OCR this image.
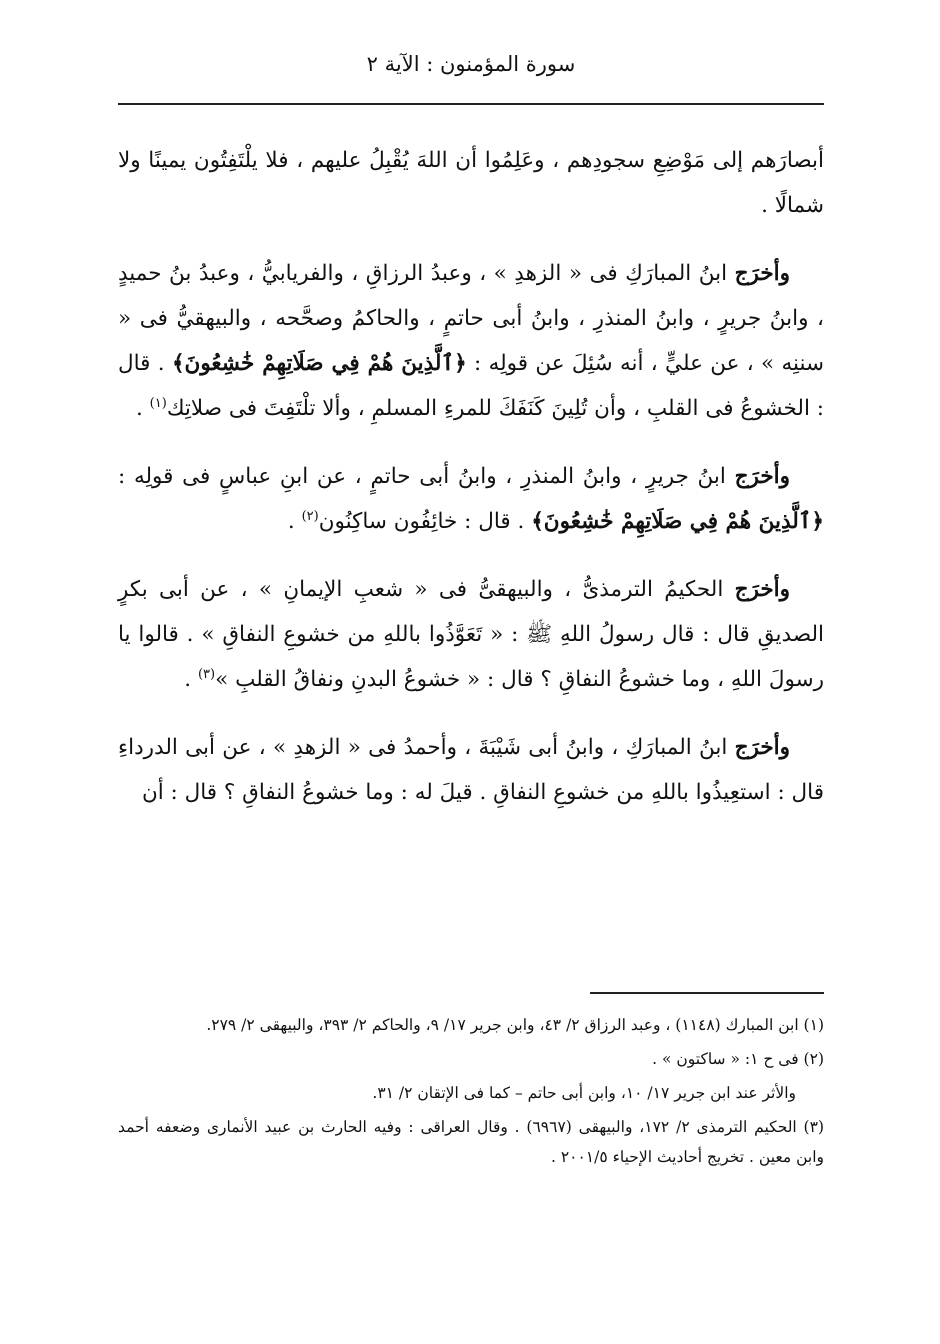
سورة المؤمنون : الآية ٢

أبصارَهم إلى مَوْضِعِ سجودِهم ، وعَلِمُوا أن اللهَ يُقْبِلُ عليهم ، فلا يلْتَفِتُون يمينًا ولا شمالًا .

وأخرَج ابنُ المبارَكِ فى « الزهدِ » ، وعبدُ الرزاقِ ، والفريابيُّ ، وعبدُ بنُ حميدٍ ، وابنُ جريرٍ ، وابنُ المنذرِ ، وابنُ أبى حاتمٍ ، والحاكمُ وصحَّحه ، والبيهقيُّ فى « سننِه » ، عن عليٍّ ، أنه سُئِلَ عن قولِه : ﴿ٱلَّذِينَ هُمْ فِي صَلَاتِهِمْ خَٰشِعُونَ﴾ . قال : الخشوعُ فى القلبِ ، وأن تُلِينَ كَنَفَكَ للمرءِ المسلمِ ، وألا تلْتَفِتَ فى صلاتِك$^{(١)}$ .

وأخرَج ابنُ جريرٍ ، وابنُ المنذرِ ، وابنُ أبى حاتمٍ ، عن ابنِ عباسٍ فى قولِه : ﴿ٱلَّذِينَ هُمْ فِي صَلَاتِهِمْ خَٰشِعُونَ﴾ . قال : خائِفُون ساكِنُون$^{(٢)}$ .

وأخرَج الحكيمُ الترمذىُّ ، والبيهقىُّ فى « شعبِ الإيمانِ » ، عن أبى بكرٍ الصديقِ قال : قال رسولُ اللهِ ﷺ : « تَعَوَّذُوا باللهِ من خشوعِ النفاقِ » . قالوا يا رسولَ اللهِ ، وما خشوعُ النفاقِ ؟ قال : « خشوعُ البدنِ ونفاقُ القلبِ »$^{(٣)}$ .

وأخرَج ابنُ المبارَكِ ، وابنُ أبى شَيْبَةَ ، وأحمدُ فى « الزهدِ » ، عن أبى الدرداءِ قال : استعِيذُوا باللهِ من خشوعِ النفاقِ . قيلَ له : وما خشوعُ النفاقِ ؟ قال : أن

(١) ابن المبارك (١١٤٨) ، وعبد الرزاق ٢/ ٤٣، وابن جرير ١٧/ ٩، والحاكم ٢/ ٣٩٣، والبيهقى ٢/ ٢٧٩.

(٢) فى ح ١: « ساكتون » .

والأثر عند ابن جرير ١٧/ ١٠، وابن أبى حاتم – كما فى الإتقان ٢/ ٣١.

(٣) الحكيم الترمذى ٢/ ١٧٢، والبيهقى (٦٩٦٧) . وقال العراقى : وفيه الحارث بن عبيد الأنمارى وضعفه أحمد وابن معين . تخريج أحاديث الإحياء ٢٠٠١/٥ .
